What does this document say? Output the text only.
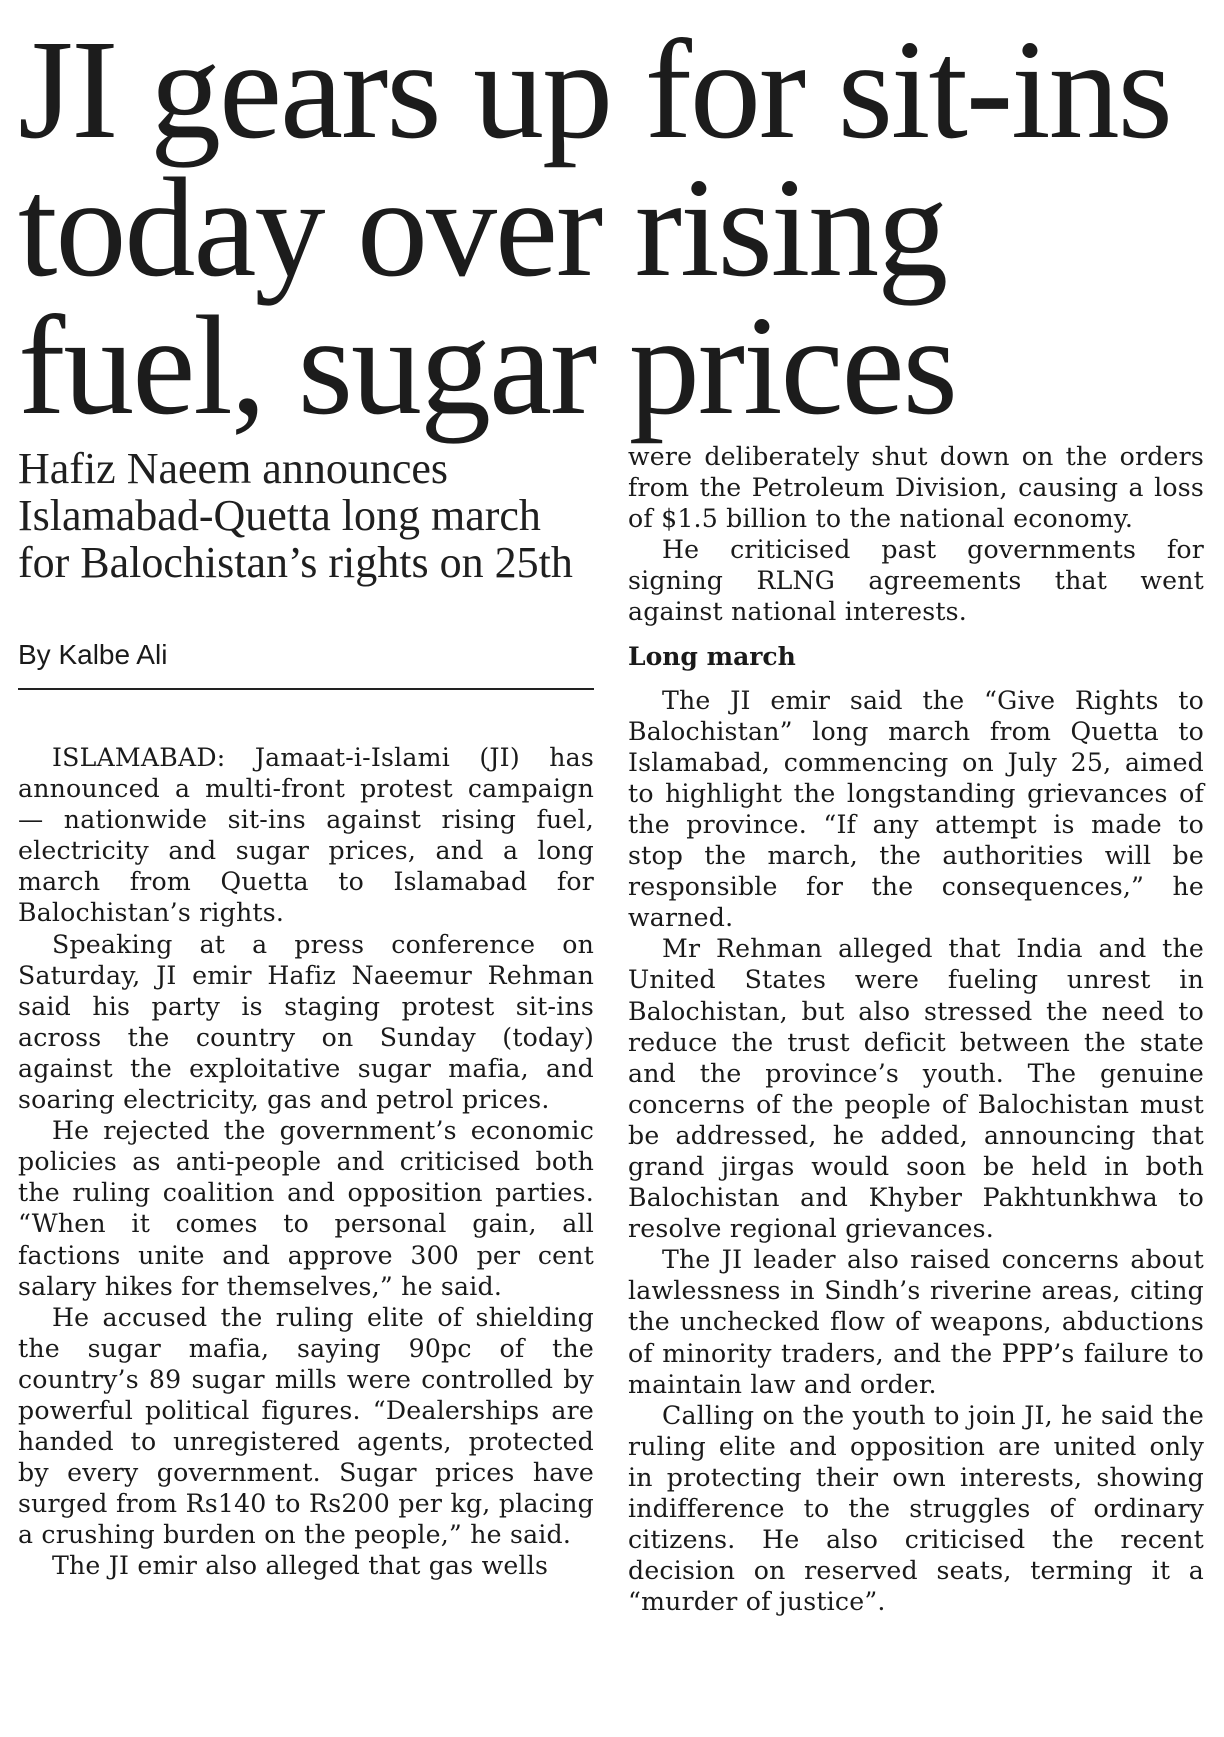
JI gears up for sit-ins today over rising fuel, sugar prices
Hafiz Naeem announces Islamabad-Quetta long march for Balochistan’s rights on 25th
By Kalbe Ali

ISLAMABAD: Jamaat-i-Islami (JI) has announced a multi-front protest campaign — nationwide sit-ins against rising fuel, electricity and sugar prices, and a long march from Quetta to Islamabad for Balochistan’s rights.

Speaking at a press conference on Saturday, JI emir Hafiz Naeemur Rehman said his party is staging protest sit-ins across the country on Sunday (today) against the exploitative sugar mafia, and soaring electricity, gas and petrol prices.

He rejected the government’s economic policies as anti-people and criticised both the ruling coalition and opposition parties. “When it comes to personal gain, all factions unite and approve 300 per cent salary hikes for themselves,” he said.

He accused the ruling elite of shielding the sugar mafia, saying 90pc of the country’s 89 sugar mills were controlled by powerful political figures. “Dealerships are handed to unregistered agents, protected by every government. Sugar prices have surged from Rs140 to Rs200 per kg, placing a crushing burden on the people,” he said.

The JI emir also alleged that gas wells

were deliberately shut down on the orders from the Petroleum Division, causing a loss of $1.5 billion to the national economy.

He criticised past governments for signing RLNG agreements that went against national interests.

Long march

The JI emir said the “Give Rights to Balochistan” long march from Quetta to Islamabad, commencing on July 25, aimed to highlight the longstanding grievances of the province. “If any attempt is made to stop the march, the authorities will be responsible for the consequences,” he warned.

Mr Rehman alleged that India and the United States were fueling unrest in Balochistan, but also stressed the need to reduce the trust deficit between the state and the province’s youth. The genuine concerns of the people of Balochistan must be addressed, he added, announcing that grand jirgas would soon be held in both Balochistan and Khyber Pakhtunkhwa to resolve regional grievances.

The JI leader also raised concerns about lawlessness in Sindh’s riverine areas, citing the unchecked flow of weapons, abductions of minority traders, and the PPP’s failure to maintain law and order.

Calling on the youth to join JI, he said the ruling elite and opposition are united only in protecting their own interests, showing indifference to the struggles of ordinary citizens. He also criticised the recent decision on reserved seats, terming it a “murder of justice”.
